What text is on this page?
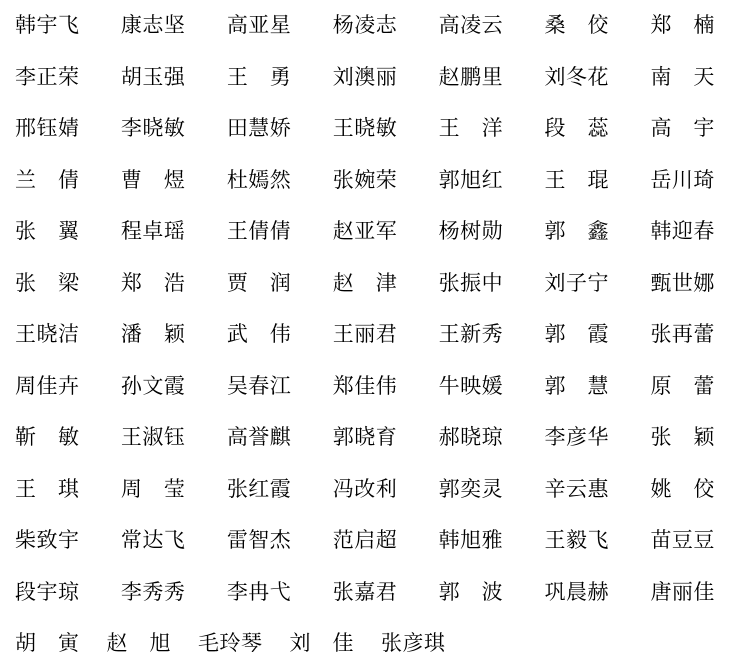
韩宇飞 康志坚 高亚星 杨凌志 高凌云 桑　佼 郑　楠
李正荣 胡玉强 王　勇 刘澳丽 赵鹏里 刘冬花 南　天
邢钰婧 李晓敏 田慧娇 王晓敏 王　洋 段　蕊 高　宇
兰　倩 曹　煜 杜嫣然 张婉荣 郭旭红 王　琨 岳川琦
张　翼 程卓瑶 王倩倩 赵亚军 杨树勋 郭　鑫 韩迎春
张　梁 郑　浩 贾　润 赵　津 张振中 刘子宁 甄世娜
王晓洁 潘　颖 武　伟 王丽君 王新秀 郭　霞 张再蕾
周佳卉 孙文霞 吴春江 郑佳伟 牛映媛 郭　慧 原　蕾
靳　敏 王淑钰 高誉麒 郭晓育 郝晓琼 李彦华 张　颖
王　琪 周　莹 张红霞 冯改利 郭奕灵 辛云惠 姚　佼
柴致宇 常达飞 雷智杰 范启超 韩旭雅 王毅飞 苗豆豆
段宇琼 李秀秀 李冉弋 张嘉君 郭　波 巩晨赫 唐丽佳
胡　寅 赵　旭 毛玲琴 刘　佳 张彦琪
